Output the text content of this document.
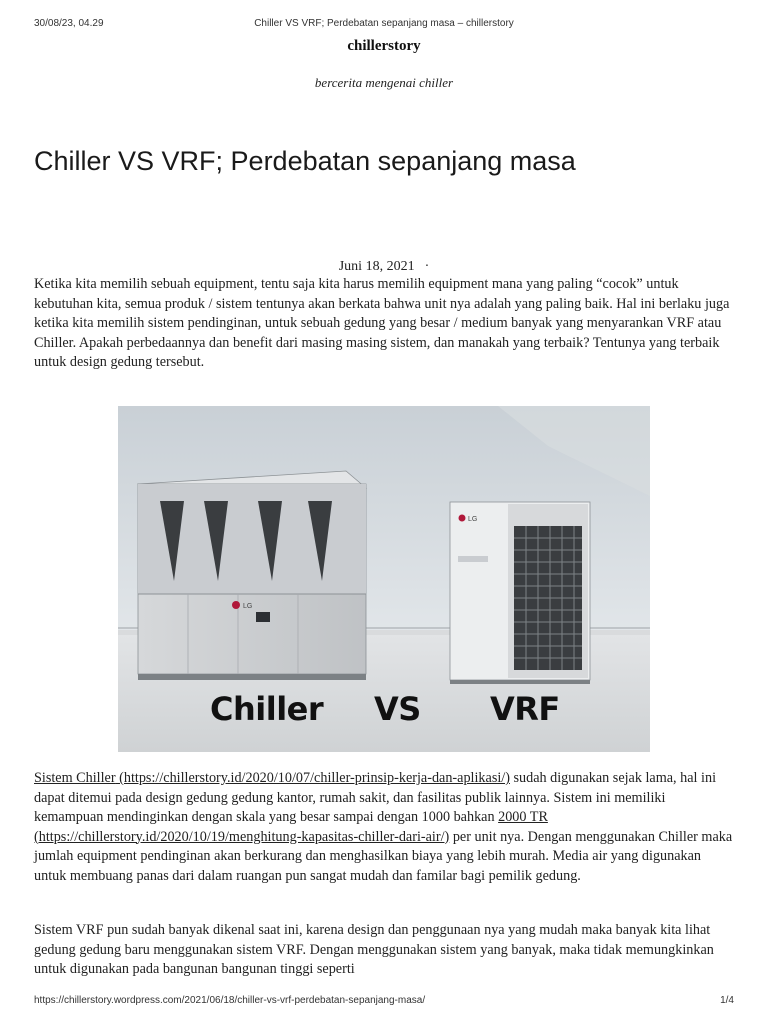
30/08/23, 04.29	Chiller VS VRF; Perdebatan sepanjang masa – chillerstory
chillerstory
bercerita mengenai chiller
Chiller VS VRF; Perdebatan sepanjang masa
Juni 18, 2021 ·

Ketika kita memilih sebuah equipment, tentu saja kita harus memilih equipment mana yang paling “cocok” untuk kebutuhan kita, semua produk / sistem tentunya akan berkata bahwa unit nya adalah yang paling baik. Hal ini berlaku juga ketika kita memilih sistem pendinginan, untuk sebuah gedung yang besar / medium banyak yang menyarankan VRF atau Chiller. Apakah perbedaannya dan benefit dari masing masing sistem, dan manakah yang terbaik? Tentunya yang terbaik untuk design gedung tersebut.

LG
LG
Chiller VS VRF

Sistem Chiller (https://chillerstory.id/2020/10/07/chiller-prinsip-kerja-dan-aplikasi/) sudah digunakan sejak lama, hal ini dapat ditemui pada design gedung gedung kantor, rumah sakit, dan fasilitas publik lainnya. Sistem ini memiliki kemampuan mendinginkan dengan skala yang besar sampai dengan 1000 bahkan 2000 TR (https://chillerstory.id/2020/10/19/menghitung-kapasitas-chiller-dari-air/) per unit nya. Dengan menggunakan Chiller maka jumlah equipment pendinginan akan berkurang dan menghasilkan biaya yang lebih murah. Media air yang digunakan untuk membuang panas dari dalam ruangan pun sangat mudah dan familar bagi pemilik gedung.

Sistem VRF pun sudah banyak dikenal saat ini, karena design dan penggunaan nya yang mudah maka banyak kita lihat gedung gedung baru menggunakan sistem VRF. Dengan menggunakan sistem yang banyak, maka tidak memungkinkan untuk digunakan pada bangunan bangunan tinggi seperti

https://chillerstory.wordpress.com/2021/06/18/chiller-vs-vrf-perdebatan-sepanjang-masa/	1/4
